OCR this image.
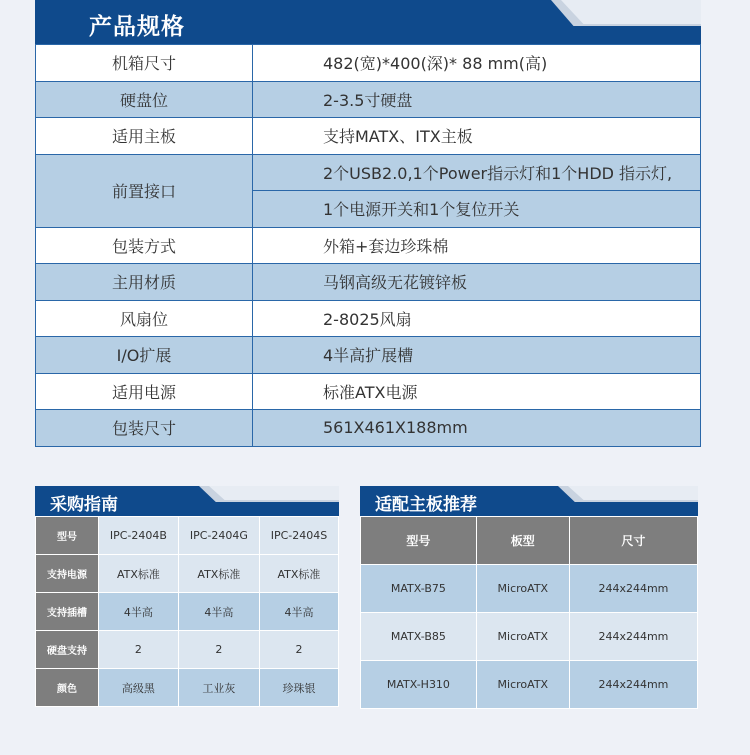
产品规格
机箱尺寸	482(宽)*400(深)* 88 mm(高)
硬盘位	2-3.5寸硬盘
适用主板	支持MATX、ITX主板
前置接口	2个USB2.0,1个Power指示灯和1个HDD 指示灯,
	1个电源开关和1个复位开关
包装方式	外箱+套边珍珠棉
主用材质	马钢高级无花镀锌板
风扇位	2-8025风扇
I/O扩展	4半高扩展槽
适用电源	标准ATX电源
包装尺寸	561X461X188mm
采购指南
型号	IPC-2404B	IPC-2404G	IPC-2404S
支持电源	ATX标准	ATX标准	ATX标准
支持插槽	4半高	4半高	4半高
硬盘支持	2	2	2
颜色	高级黑	工业灰	珍珠银
适配主板推荐
型号	板型	尺寸
MATX-B75	MicroATX	244x244mm
MATX-B85	MicroATX	244x244mm
MATX-H310	MicroATX	244x244mm
